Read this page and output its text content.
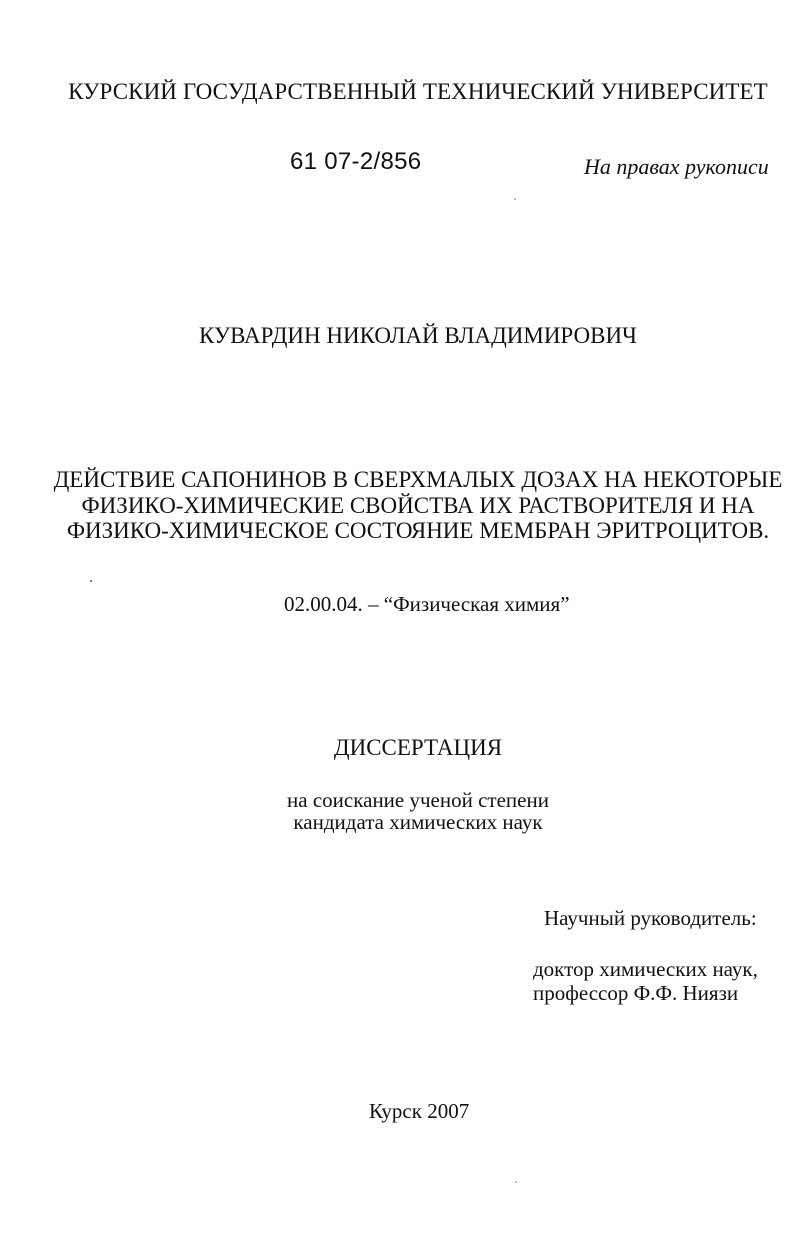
КУРСКИЙ ГОСУДАРСТВЕННЫЙ ТЕХНИЧЕСКИЙ УНИВЕРСИТЕТ
61 07-2/856	На правах рукописи
КУВАРДИН НИКОЛАЙ ВЛАДИМИРОВИЧ
ДЕЙСТВИЕ САПОНИНОВ В СВЕРХМАЛЫХ ДОЗАХ НА НЕКОТОРЫЕ
ФИЗИКО-ХИМИЧЕСКИЕ СВОЙСТВА ИХ РАСТВОРИТЕЛЯ И НА
ФИЗИКО-ХИМИЧЕСКОЕ СОСТОЯНИЕ МЕМБРАН ЭРИТРОЦИТОВ.
02.00.04. – “Физическая химия”
ДИССЕРТАЦИЯ
на соискание ученой степени
кандидата химических наук
Научный руководитель:
доктор химических наук,
профессор Ф.Ф. Ниязи
Курск 2007
